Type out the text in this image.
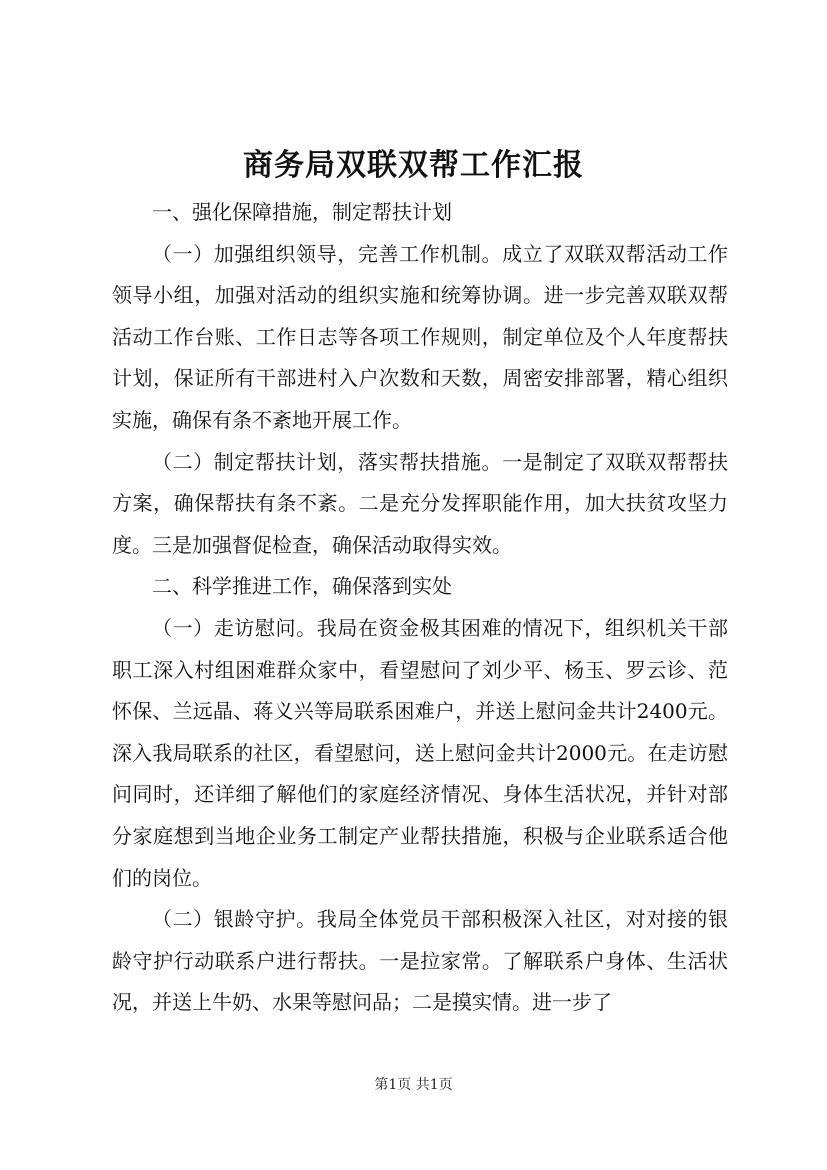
商务局双联双帮工作汇报

一、强化保障措施，制定帮扶计划

（一）加强组织领导，完善工作机制。成立了双联双帮活动工作领导小组，加强对活动的组织实施和统筹协调。进一步完善双联双帮活动工作台账、工作日志等各项工作规则，制定单位及个人年度帮扶计划，保证所有干部进村入户次数和天数，周密安排部署，精心组织实施，确保有条不紊地开展工作。

（二）制定帮扶计划，落实帮扶措施。一是制定了双联双帮帮扶方案，确保帮扶有条不紊。二是充分发挥职能作用，加大扶贫攻坚力度。三是加强督促检查，确保活动取得实效。

二、科学推进工作，确保落到实处

（一）走访慰问。我局在资金极其困难的情况下，组织机关干部职工深入村组困难群众家中，看望慰问了刘少平、杨玉、罗云诊、范怀保、兰远晶、蒋义兴等局联系困难户，并送上慰问金共计2400元。深入我局联系的社区，看望慰问，送上慰问金共计2000元。在走访慰问同时，还详细了解他们的家庭经济情况、身体生活状况，并针对部分家庭想到当地企业务工制定产业帮扶措施，积极与企业联系适合他们的岗位。

（二）银龄守护。我局全体党员干部积极深入社区，对对接的银龄守护行动联系户进行帮扶。一是拉家常。了解联系户身体、生活状况，并送上牛奶、水果等慰问品；二是摸实情。进一步了

第1页 共1页
